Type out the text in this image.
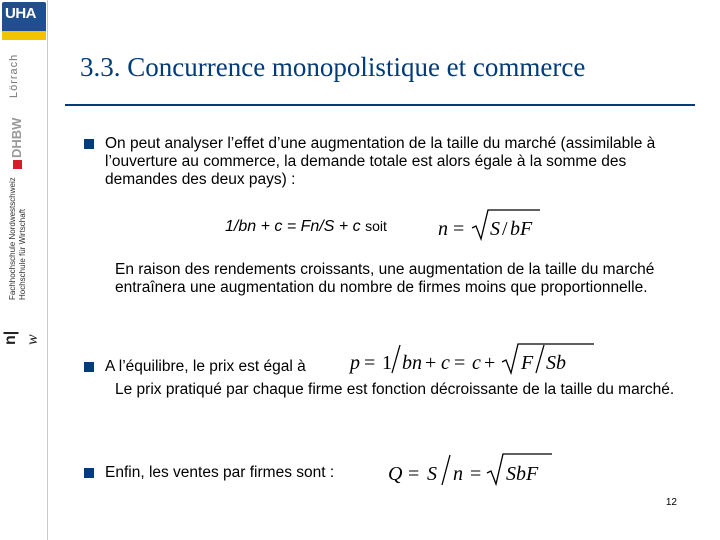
UHA
Lörrach
DHBW
Fachhochschule Nordwestschweiz Hochschule für Wirtschaft
n| w
3.3. Concurrence monopolistique et commerce
On peut analyser l’effet d’une augmentation de la taille du marché (assimilable à l’ouverture au commerce, la demande totale est alors égale à la somme des demandes des deux pays) :
1/bn + c = Fn/S + c soit	n = S / bF
En raison des rendements croissants, une augmentation de la taille du marché entraînera une augmentation du nombre de firmes moins que proportionnelle.
A l’équilibre, le prix est égal à p = 1 bn + c = c + F Sb
Le prix pratiqué par chaque firme est fonction décroissante de la taille du marché.
Enfin, les ventes par firmes sont :	Q = S n = SbF
12
